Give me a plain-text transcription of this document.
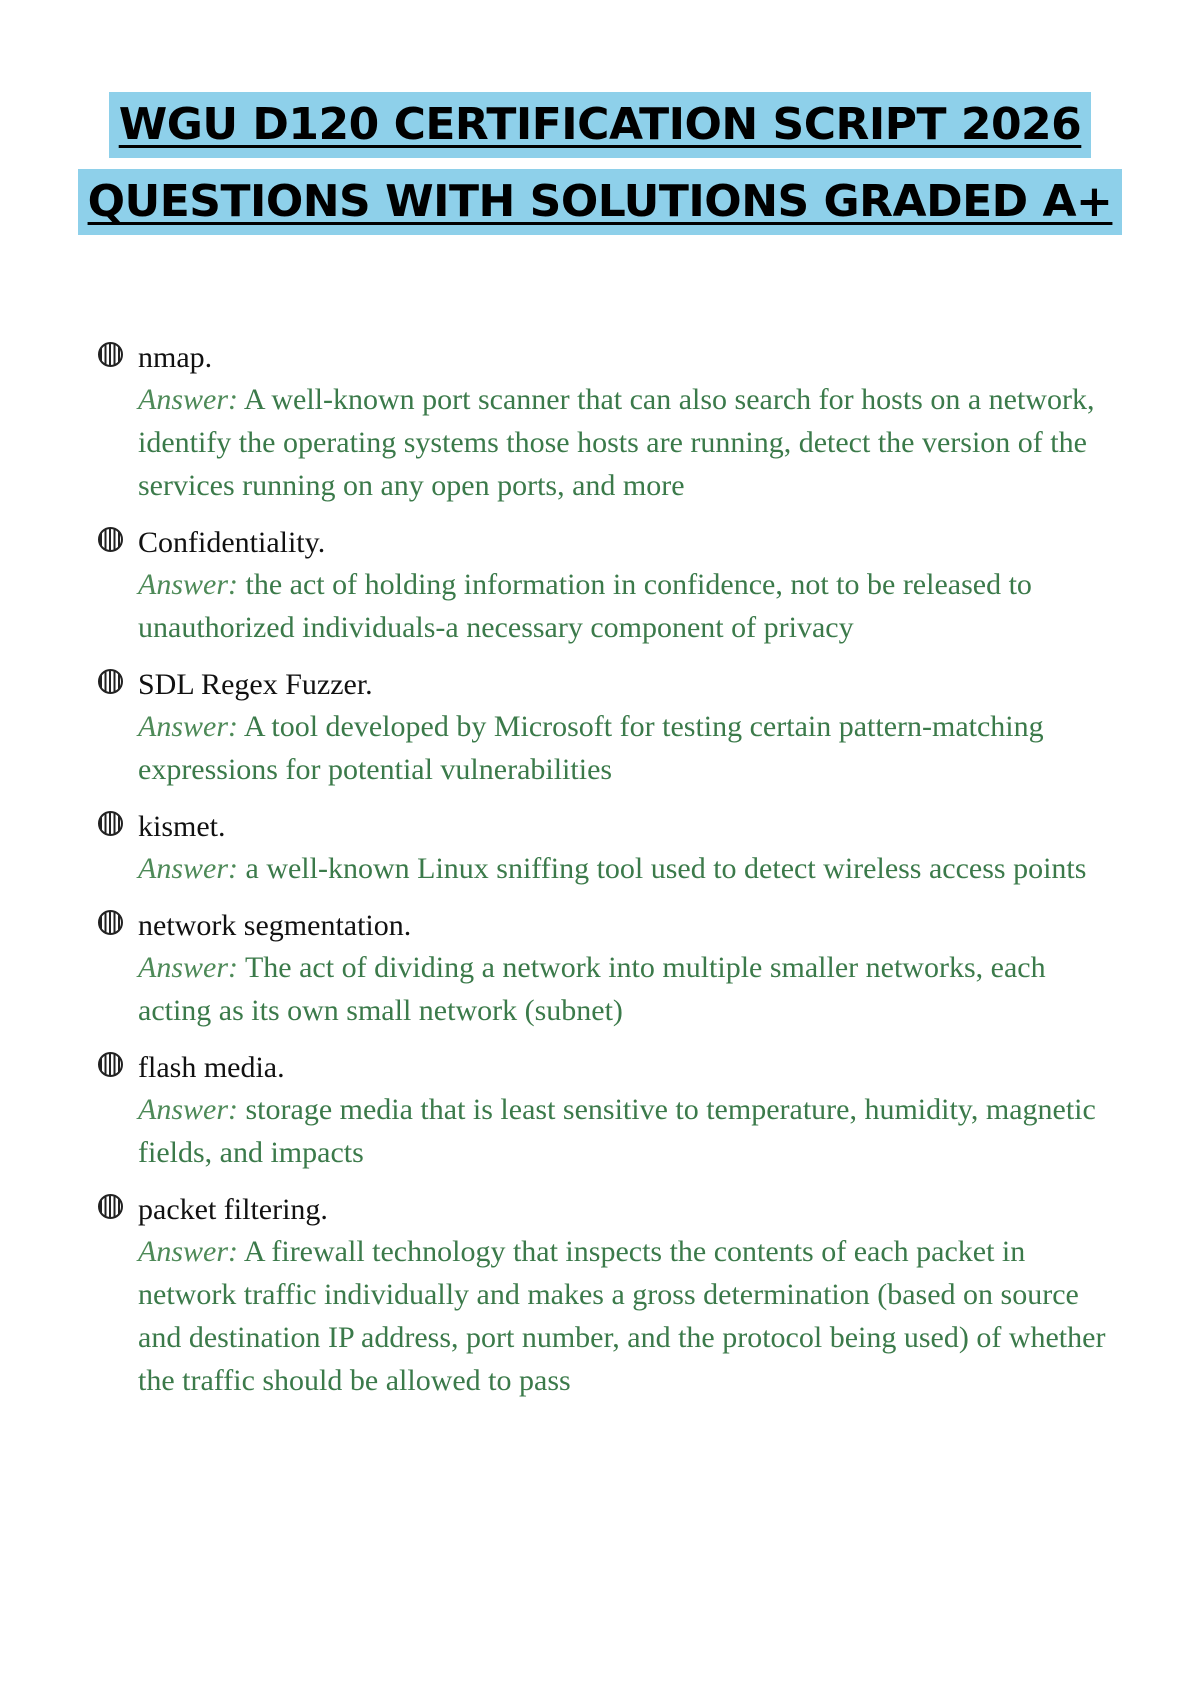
WGU D120 CERTIFICATION SCRIPT 2026
QUESTIONS WITH SOLUTIONS GRADED A+
nmap.
Answer: A well-known port scanner that can also search for hosts on a network, identify the operating systems those hosts are running, detect the version of the services running on any open ports, and more
Confidentiality.
Answer: the act of holding information in confidence, not to be released to unauthorized individuals-a necessary component of privacy
SDL Regex Fuzzer.
Answer: A tool developed by Microsoft for testing certain pattern-matching expressions for potential vulnerabilities
kismet.
Answer: a well-known Linux sniffing tool used to detect wireless access points
network segmentation.
Answer: The act of dividing a network into multiple smaller networks, each acting as its own small network (subnet)
flash media.
Answer: storage media that is least sensitive to temperature, humidity, magnetic fields, and impacts
packet filtering.
Answer: A firewall technology that inspects the contents of each packet in network traffic individually and makes a gross determination (based on source and destination IP address, port number, and the protocol being used) of whether the traffic should be allowed to pass
